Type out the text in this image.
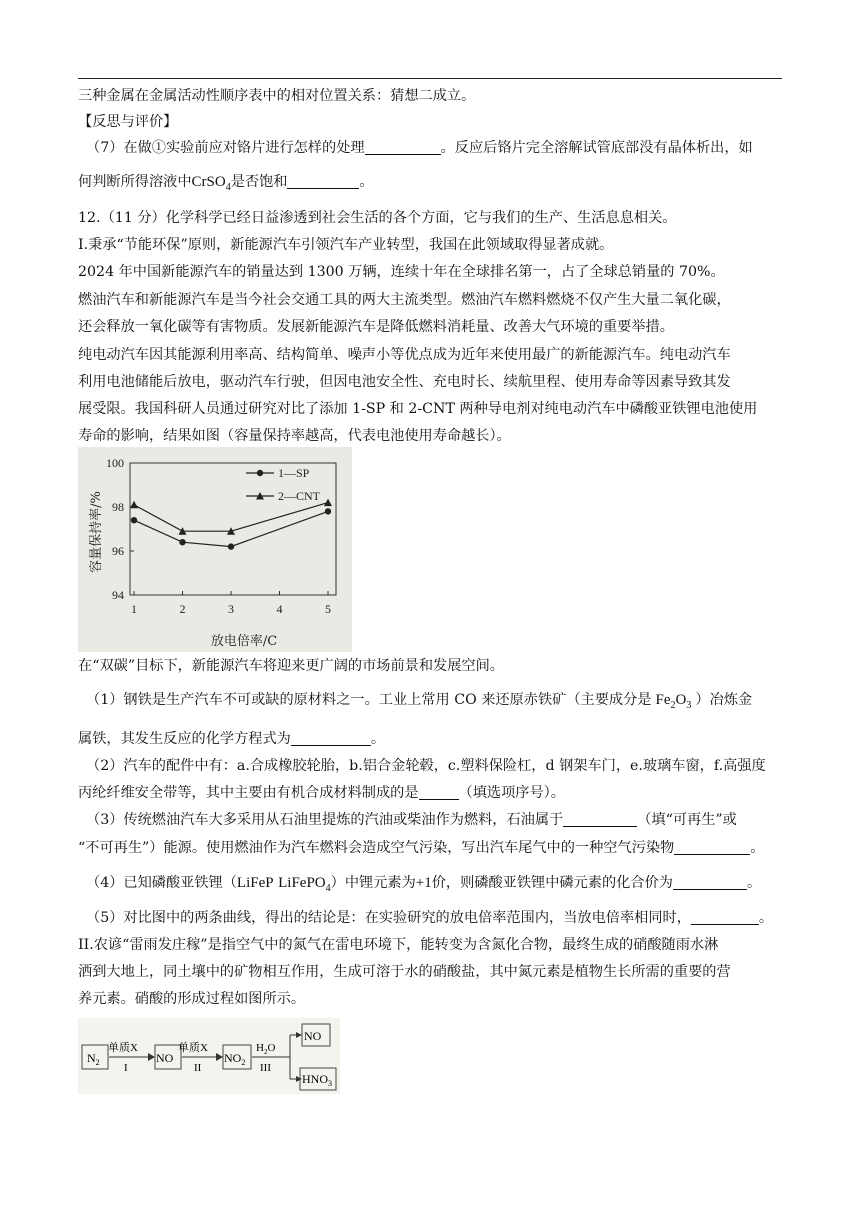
三种金属在金属活动性顺序表中的相对位置关系：猜想二成立。
【反思与评价】
（7）在做①实验前应对铬片进行怎样的处理	。反应后铬片完全溶解试管底部没有晶体析出，如
何判断所得溶液中CrSO$_4$是否饱和	。
12.（11 分）化学科学已经日益渗透到社会生活的各个方面，它与我们的生产、生活息息相关。
I.秉承“节能环保”原则，新能源汽车引领汽车产业转型，我国在此领域取得显著成就。
2024 年中国新能源汽车的销量达到 1300 万辆，连续十年在全球排名第一，占了全球总销量的 70%。
燃油汽车和新能源汽车是当今社会交通工具的两大主流类型。燃油汽车燃料燃烧不仅产生大量二氧化碳，
还会释放一氧化碳等有害物质。发展新能源汽车是降低燃料消耗量、改善大气环境的重要举措。
纯电动汽车因其能源利用率高、结构简单、噪声小等优点成为近年来使用最广的新能源汽车。纯电动汽车
利用电池储能后放电，驱动汽车行驶，但因电池安全性、充电时长、续航里程、使用寿命等因素导致其发
展受限。我国科研人员通过研究对比了添加 1-SP 和 2-CNT 两种导电剂对纯电动汽车中磷酸亚铁锂电池使用
寿命的影响，结果如图（容量保持率越高，代表电池使用寿命越长）。
94
96
98
100
1	2	3	4	5
放电倍率/C
容量保持率/%
1—SP
2—CNT
在“双碳”目标下，新能源汽车将迎来更广阔的市场前景和发展空间。
（1）钢铁是生产汽车不可或缺的原材料之一。工业上常用 CO 来还原赤铁矿（主要成分是 $Fe_2O_3$ ）冶炼金
属铁，其发生反应的化学方程式为	。
（2）汽车的配件中有：a.合成橡胶轮胎，b.铝合金轮毂，c.塑料保险杠，d 钢架车门，e.玻璃车窗，f.高强度
丙纶纤维安全带等，其中主要由有机合成材料制成的是	（填选项序号）。
（3）传统燃油汽车大多采用从石油里提炼的汽油或柴油作为燃料，石油属于	（填“可再生”或
“不可再生”）能源。使用燃油作为汽车燃料会造成空气污染，写出汽车尾气中的一种空气污染物	。
（4）已知磷酸亚铁锂（LiFeP LiFePO$_4$）中锂元素为+1价，则磷酸亚铁锂中磷元素的化合价为	。
（5）对比图中的两条曲线，得出的结论是：在实验研究的放电倍率范围内，当放电倍率相同时，	。
II.农谚“雷雨发庄稼”是指空气中的氮气在雷电环境下，能转变为含氮化合物，最终生成的硝酸随雨水淋
洒到大地上，同土壤中的矿物相互作用，生成可溶于水的硝酸盐，其中氮元素是植物生长所需的重要的营
养元素。硝酸的形成过程如图所示。
$N_2$
单质X
I
NO
单质X
II
$NO_2$
$H_2O$
III
NO
$HNO_3$
